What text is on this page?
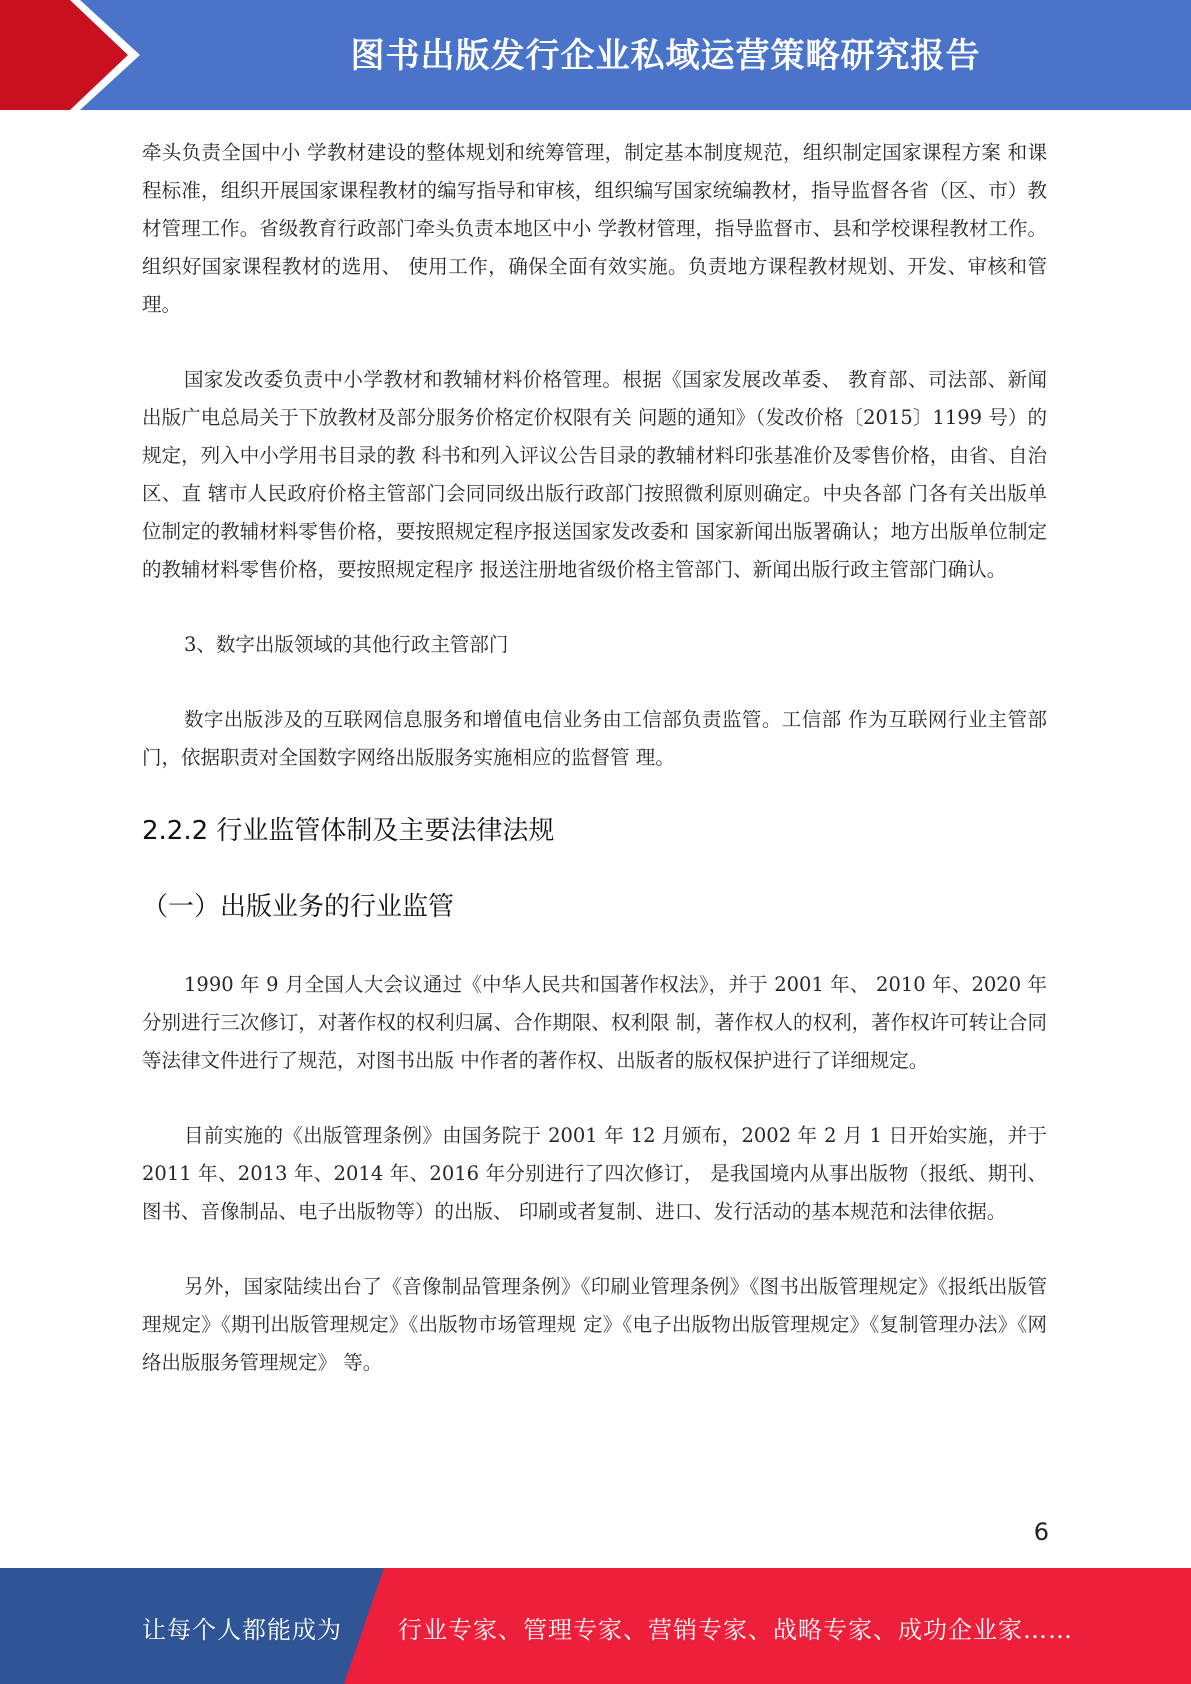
图书出版发行企业私域运营策略研究报告

牵头负责全国中小 学教材建设的整体规划和统筹管理，制定基本制度规范，组织制定国家课程方案 和课程标准，组织开展国家课程教材的编写指导和审核，组织编写国家统编教材，指导监督各省（区、市）教材管理工作。省级教育行政部门牵头负责本地区中小 学教材管理，指导监督市、县和学校课程教材工作。组织好国家课程教材的选用、 使用工作，确保全面有效实施。负责地方课程教材规划、开发、审核和管理。

国家发改委负责中小学教材和教辅材料价格管理。根据《国家发展改革委、 教育部、司法部、新闻出版广电总局关于下放教材及部分服务价格定价权限有关 问题的通知》（发改价格〔2015〕1199 号）的规定，列入中小学用书目录的教 科书和列入评议公告目录的教辅材料印张基准价及零售价格，由省、自治区、直 辖市人民政府价格主管部门会同同级出版行政部门按照微利原则确定。中央各部 门各有关出版单位制定的教辅材料零售价格，要按照规定程序报送国家发改委和 国家新闻出版署确认；地方出版单位制定的教辅材料零售价格，要按照规定程序 报送注册地省级价格主管部门、新闻出版行政主管部门确认。

3、数字出版领域的其他行政主管部门

数字出版涉及的互联网信息服务和增值电信业务由工信部负责监管。工信部 作为互联网行业主管部门，依据职责对全国数字网络出版服务实施相应的监督管 理。

2.2.2 行业监管体制及主要法律法规
（一）出版业务的行业监管

1990 年 9 月全国人大会议通过《中华人民共和国著作权法》，并于 2001 年、 2010 年、2020 年分别进行三次修订，对著作权的权利归属、合作期限、权利限 制，著作权人的权利，著作权许可转让合同等法律文件进行了规范，对图书出版 中作者的著作权、出版者的版权保护进行了详细规定。

目前实施的《出版管理条例》由国务院于 2001 年 12 月颁布，2002 年 2 月 1 日开始实施，并于 2011 年、2013 年、2014 年、2016 年分别进行了四次修订， 是我国境内从事出版物（报纸、期刊、图书、音像制品、电子出版物等）的出版、 印刷或者复制、进口、发行活动的基本规范和法律依据。

另外，国家陆续出台了《音像制品管理条例》《印刷业管理条例》《图书出版管理规定》《报纸出版管理规定》《期刊出版管理规定》《出版物市场管理规 定》《电子出版物出版管理规定》《复制管理办法》《网络出版服务管理规定》 等。

6
让每个人都能成为 行业专家、管理专家、营销专家、战略专家、成功企业家……
